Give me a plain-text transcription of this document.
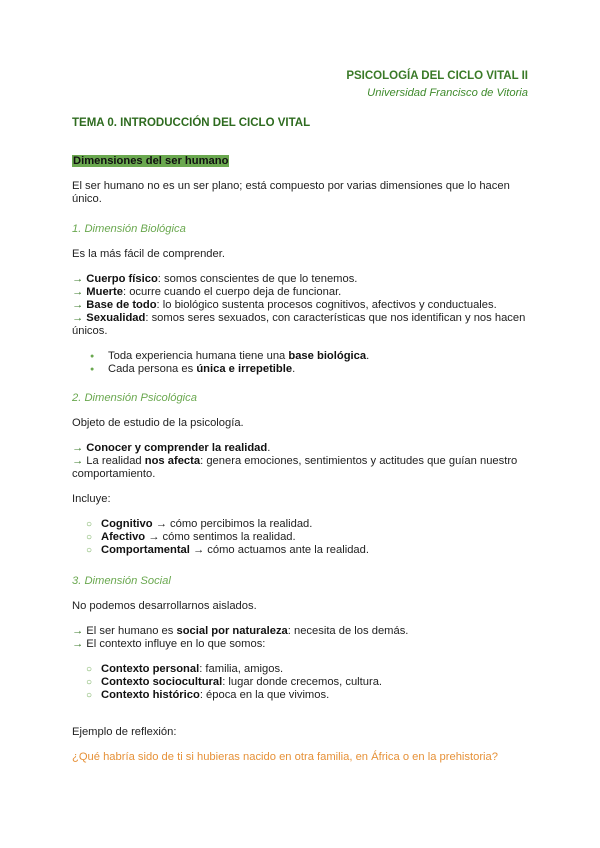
PSICOLOGÍA DEL CICLO VITAL II
Universidad Francisco de Vitoria
TEMA 0. INTRODUCCIÓN DEL CICLO VITAL
Dimensiones del ser humano
El ser humano no es un ser plano; está compuesto por varias dimensiones que lo hacen único.
1. Dimensión Biológica
Es la más fácil de comprender.
→ Cuerpo físico: somos conscientes de que lo tenemos.
→ Muerte: ocurre cuando el cuerpo deja de funcionar.
→ Base de todo: lo biológico sustenta procesos cognitivos, afectivos y conductuales.
→ Sexualidad: somos seres sexuados, con características que nos identifican y nos hacen únicos.
● Toda experiencia humana tiene una base biológica.
● Cada persona es única e irrepetible.
2. Dimensión Psicológica
Objeto de estudio de la psicología.
→ Conocer y comprender la realidad.
→ La realidad nos afecta: genera emociones, sentimientos y actitudes que guían nuestro comportamiento.
Incluye:
○ Cognitivo → cómo percibimos la realidad.
○ Afectivo → cómo sentimos la realidad.
○ Comportamental → cómo actuamos ante la realidad.
3. Dimensión Social
No podemos desarrollarnos aislados.
→ El ser humano es social por naturaleza: necesita de los demás.
→ El contexto influye en lo que somos:
○ Contexto personal: familia, amigos.
○ Contexto sociocultural: lugar donde crecemos, cultura.
○ Contexto histórico: época en la que vivimos.
Ejemplo de reflexión:
¿Qué habría sido de ti si hubieras nacido en otra familia, en África o en la prehistoria?
